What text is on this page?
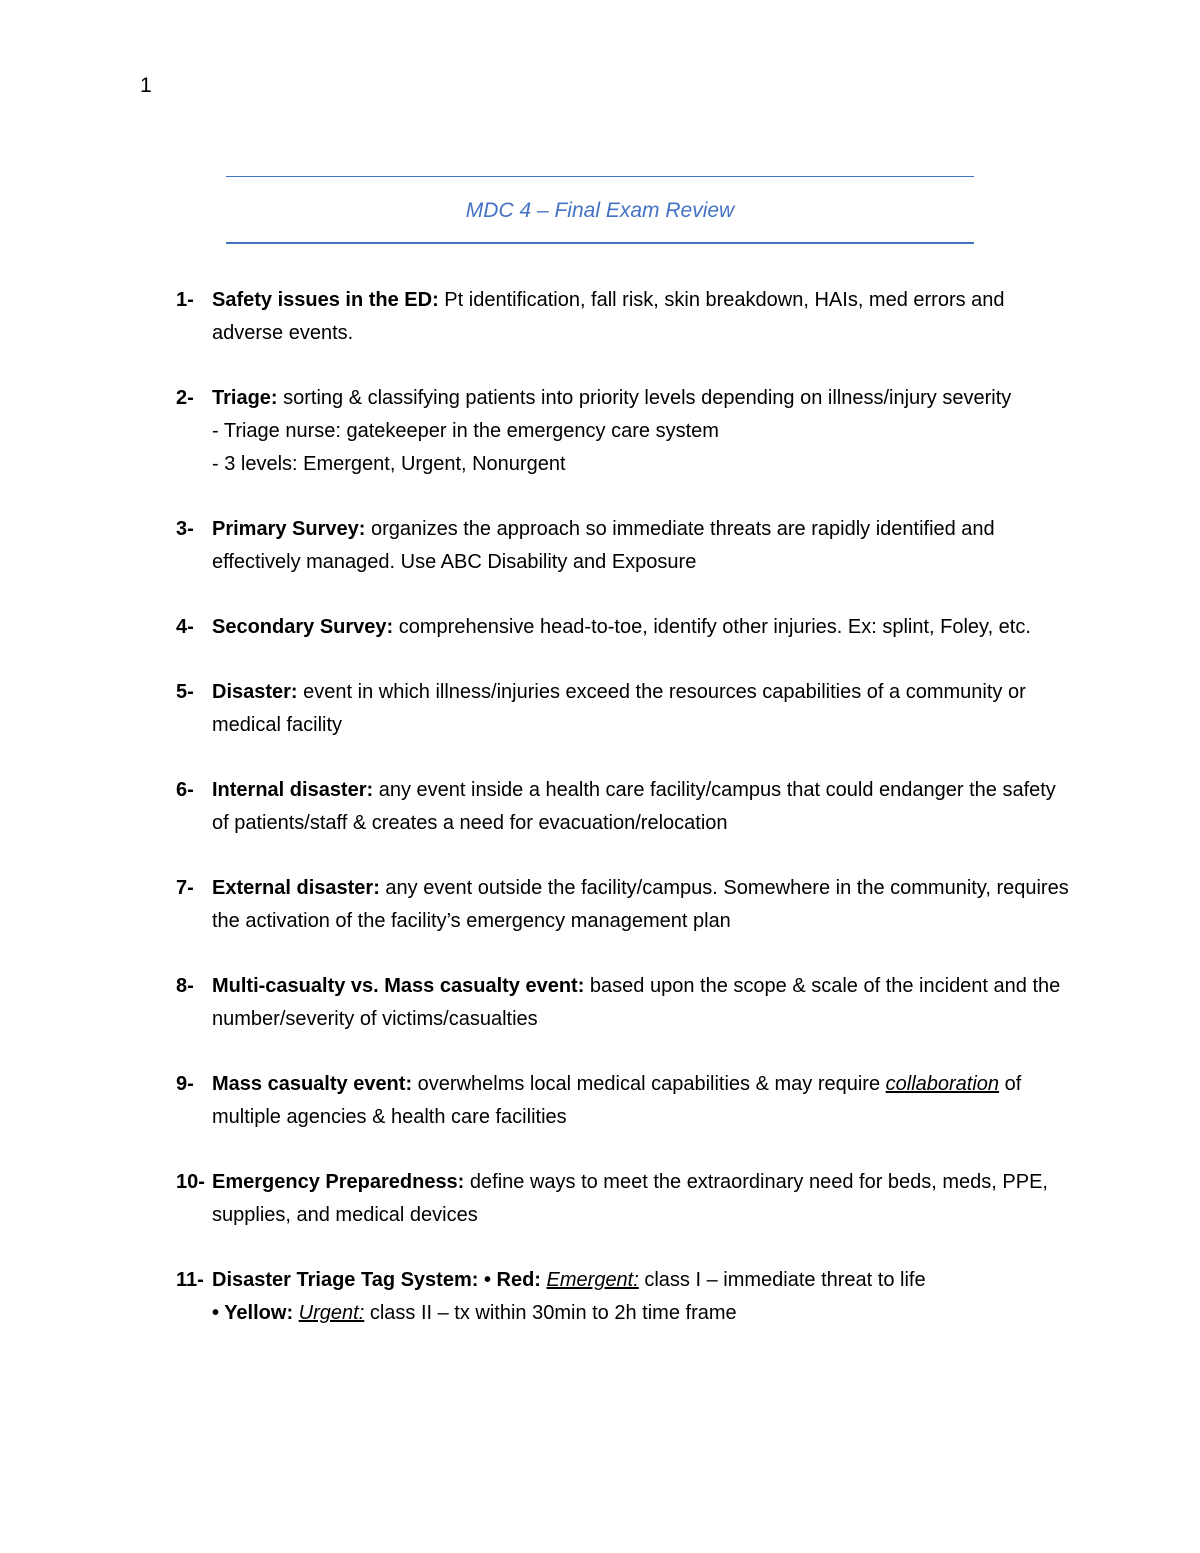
1
MDC 4 – Final Exam Review
1- Safety issues in the ED: Pt identification, fall risk, skin breakdown, HAIs, med errors and adverse events.
2- Triage: sorting & classifying patients into priority levels depending on illness/injury severity
- Triage nurse: gatekeeper in the emergency care system
- 3 levels: Emergent, Urgent, Nonurgent
3- Primary Survey: organizes the approach so immediate threats are rapidly identified and effectively managed. Use ABC Disability and Exposure
4- Secondary Survey: comprehensive head-to-toe, identify other injuries. Ex: splint, Foley, etc.
5- Disaster: event in which illness/injuries exceed the resources capabilities of a community or medical facility
6- Internal disaster: any event inside a health care facility/campus that could endanger the safety of patients/staff & creates a need for evacuation/relocation
7- External disaster: any event outside the facility/campus. Somewhere in the community, requires the activation of the facility’s emergency management plan
8- Multi-casualty vs. Mass casualty event: based upon the scope & scale of the incident and the number/severity of victims/casualties
9- Mass casualty event: overwhelms local medical capabilities & may require collaboration of multiple agencies & health care facilities
10- Emergency Preparedness: define ways to meet the extraordinary need for beds, meds, PPE, supplies, and medical devices
11- Disaster Triage Tag System: • Red: Emergent: class I – immediate threat to life
• Yellow: Urgent: class II – tx within 30min to 2h time frame
